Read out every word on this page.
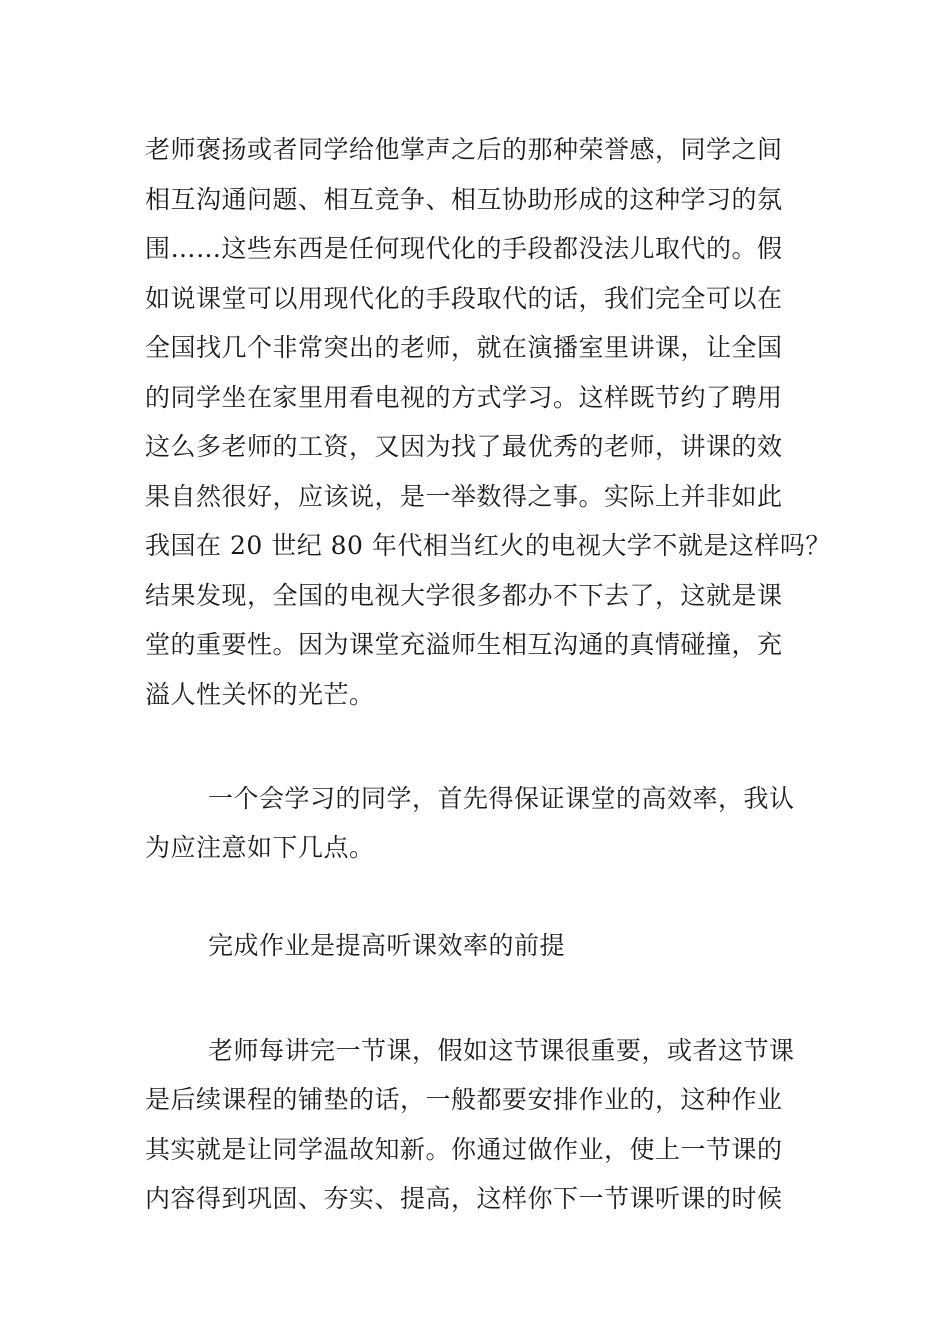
老师褒扬或者同学给他掌声之后的那种荣誉感，同学之间
相互沟通问题、相互竞争、相互协助形成的这种学习的氛
围……这些东西是任何现代化的手段都没法儿取代的。假
如说课堂可以用现代化的手段取代的话，我们完全可以在
全国找几个非常突出的老师，就在演播室里讲课，让全国
的同学坐在家里用看电视的方式学习。这样既节约了聘用
这么多老师的工资，又因为找了最优秀的老师，讲课的效
果自然很好，应该说，是一举数得之事。实际上并非如此
我国在 20 世纪 80 年代相当红火的电视大学不就是这样吗？
结果发现，全国的电视大学很多都办不下去了，这就是课
堂的重要性。因为课堂充溢师生相互沟通的真情碰撞，充
溢人性关怀的光芒。
一个会学习的同学，首先得保证课堂的高效率，我认
为应注意如下几点。
完成作业是提高听课效率的前提
老师每讲完一节课，假如这节课很重要，或者这节课
是后续课程的铺垫的话，一般都要安排作业的，这种作业
其实就是让同学温故知新。你通过做作业，使上一节课的
内容得到巩固、夯实、提高，这样你下一节课听课的时候
